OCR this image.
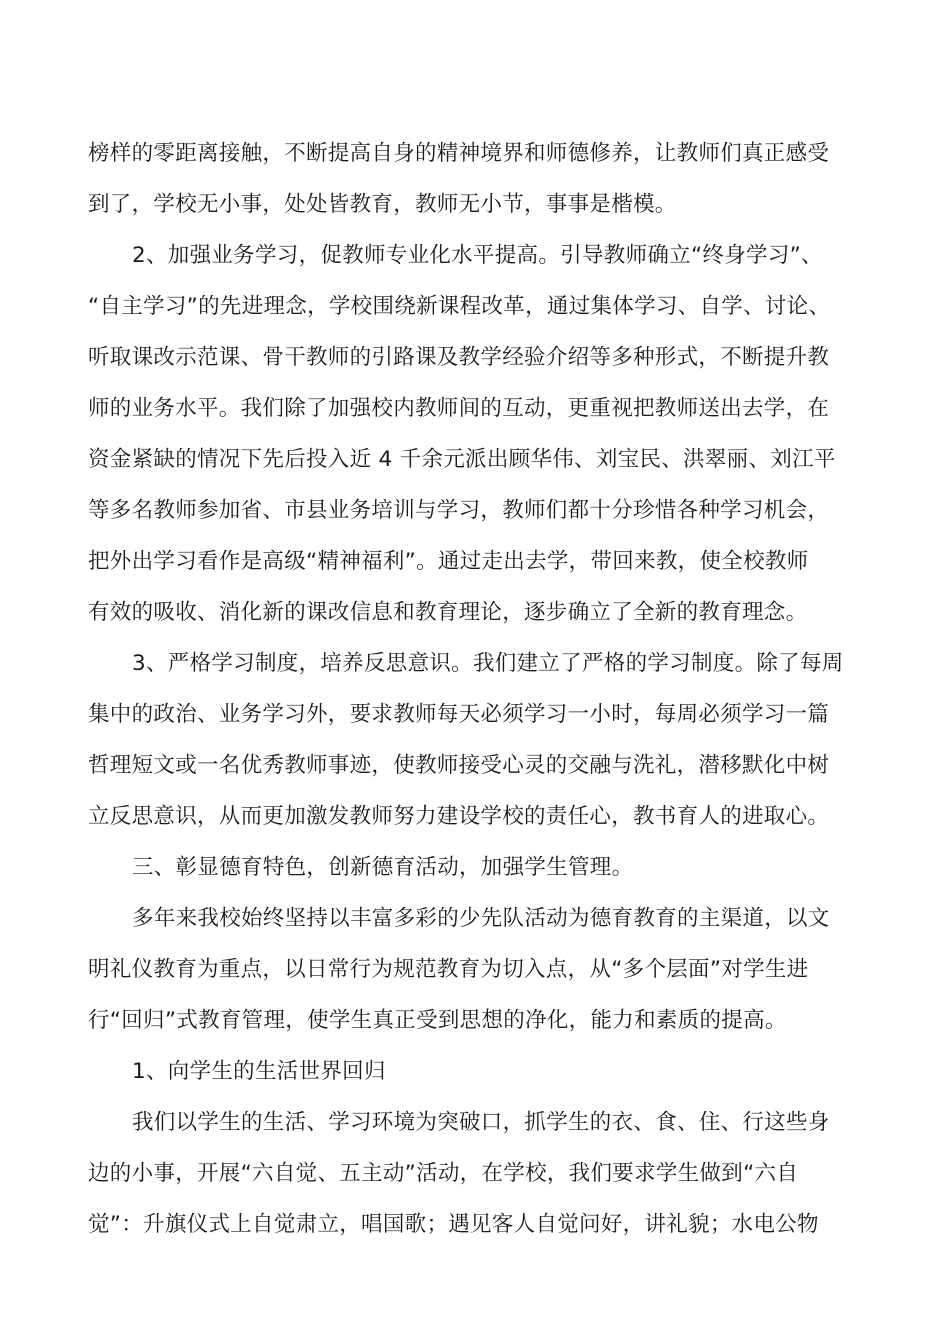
榜样的零距离接触，不断提高自身的精神境界和师德修养，让教师们真正感受
到了，学校无小事，处处皆教育，教师无小节，事事是楷模。
2、加强业务学习，促教师专业化水平提高。引导教师确立“终身学习”、
“自主学习”的先进理念，学校围绕新课程改革，通过集体学习、自学、讨论、
听取课改示范课、骨干教师的引路课及教学经验介绍等多种形式，不断提升教
师的业务水平。我们除了加强校内教师间的互动，更重视把教师送出去学，在
资金紧缺的情况下先后投入近 4 千余元派出顾华伟、刘宝民、洪翠丽、刘江平
等多名教师参加省、市县业务培训与学习，教师们都十分珍惜各种学习机会，
把外出学习看作是高级“精神福利”。通过走出去学，带回来教，使全校教师
有效的吸收、消化新的课改信息和教育理论，逐步确立了全新的教育理念。
3、严格学习制度，培养反思意识。我们建立了严格的学习制度。除了每周
集中的政治、业务学习外，要求教师每天必须学习一小时，每周必须学习一篇
哲理短文或一名优秀教师事迹，使教师接受心灵的交融与洗礼，潜移默化中树
立反思意识，从而更加激发教师努力建设学校的责任心，教书育人的进取心。
三、彰显德育特色，创新德育活动，加强学生管理。
多年来我校始终坚持以丰富多彩的少先队活动为德育教育的主渠道，以文
明礼仪教育为重点，以日常行为规范教育为切入点，从“多个层面”对学生进
行“回归”式教育管理，使学生真正受到思想的净化，能力和素质的提高。
1、向学生的生活世界回归
我们以学生的生活、学习环境为突破口，抓学生的衣、食、住、行这些身
边的小事，开展“六自觉、五主动”活动，在学校，我们要求学生做到“六自
觉”：升旗仪式上自觉肃立，唱国歌；遇见客人自觉问好，讲礼貌；水电公物
